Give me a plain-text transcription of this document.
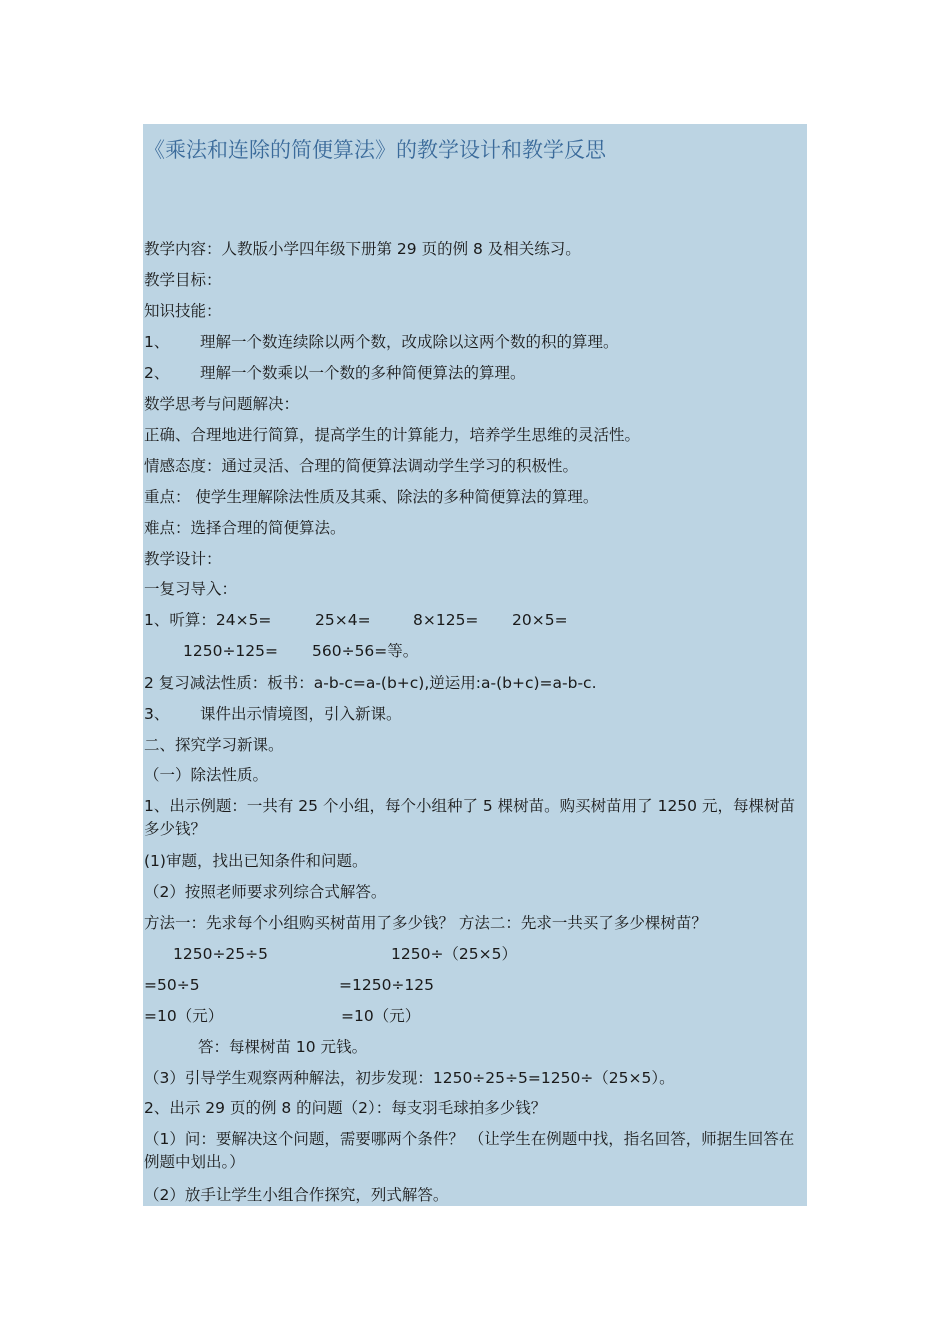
《乘法和连除的简便算法》的教学设计和教学反思
教学内容：人教版小学四年级下册第 29 页的例 8 及相关练习。
教学目标：
知识技能：
1、 理解一个数连续除以两个数，改成除以这两个数的积的算理。
2、 理解一个数乘以一个数的多种简便算法的算理。
数学思考与问题解决：
正确、合理地进行简算，提高学生的计算能力，培养学生思维的灵活性。
情感态度：通过灵活、合理的简便算法调动学生学习的积极性。
重点： 使学生理解除法性质及其乘、除法的多种简便算法的算理。
难点：选择合理的简便算法。
教学设计：
一复习导入：
1、听算：24×5=	25×4=	8×125= 20×5=
1250÷125= 560÷56=等。
2 复习减法性质：板书：a-b-c=a-(b+c),逆运用:a-(b+c)=a-b-c.
3、 课件出示情境图，引入新课。
二、探究学习新课。
（一）除法性质。
1、出示例题：一共有 25 个小组，每个小组种了 5 棵树苗。购买树苗用了 1250 元，每棵树苗多少钱？
(1)审题，找出已知条件和问题。
（2）按照老师要求列综合式解答。
方法一：先求每个小组购买树苗用了多少钱？ 方法二：先求一共买了多少棵树苗？
1250÷25÷5	1250÷（25×5）
=50÷5	=1250÷125
=10（元）	=10（元）
答：每棵树苗 10 元钱。
（3）引导学生观察两种解法，初步发现：1250÷25÷5=1250÷（25×5）。
2、出示 29 页的例 8 的问题（2）：每支羽毛球拍多少钱？
（1）问：要解决这个问题，需要哪两个条件？ （让学生在例题中找，指名回答，师据生回答在例题中划出。）
（2）放手让学生小组合作探究，列式解答。
